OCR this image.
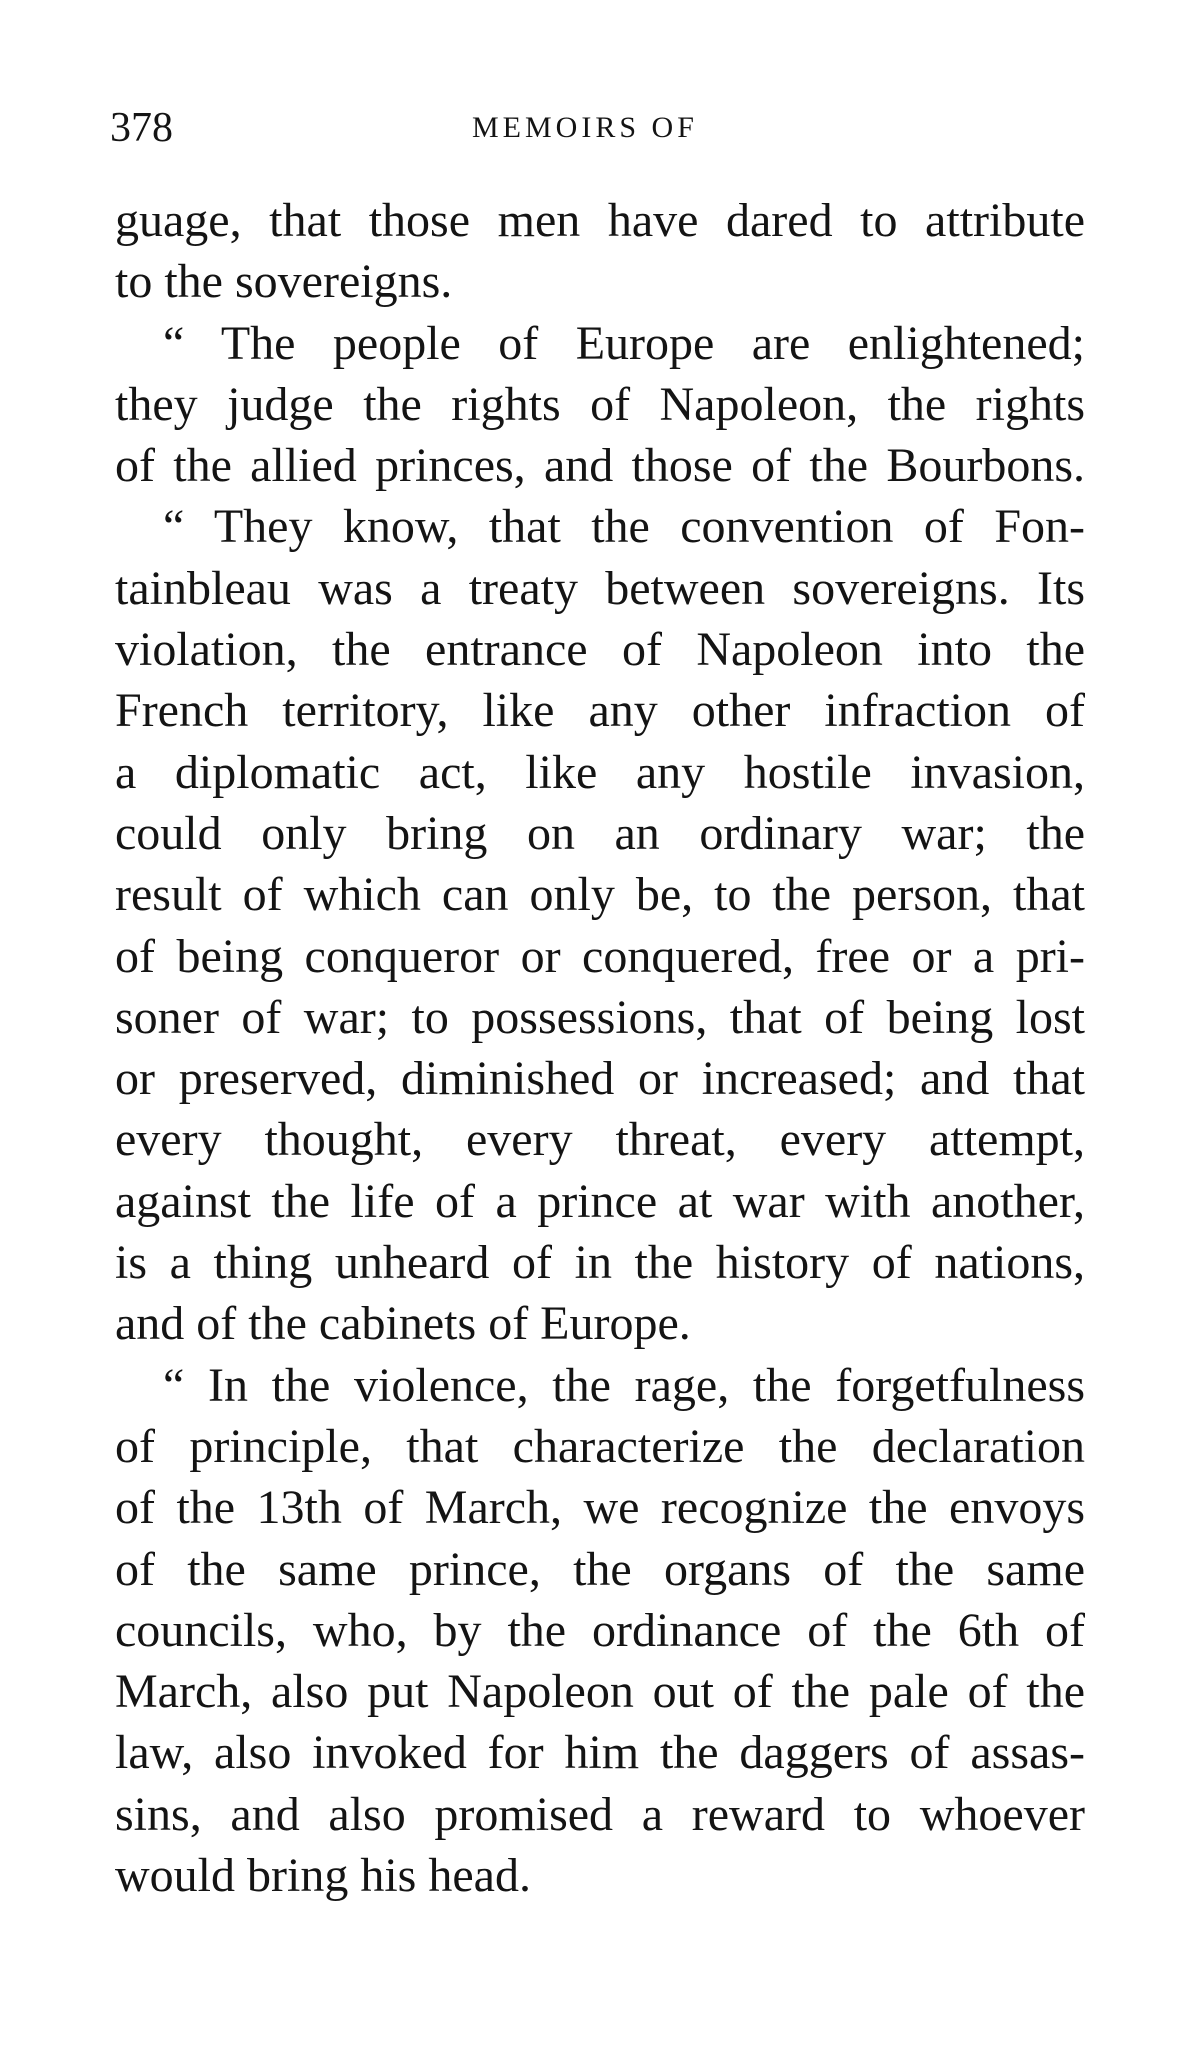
378	MEMOIRS OF
guage, that those men have dared to attribute
to the sovereigns.
“ The people of Europe are enlightened;
they judge the rights of Napoleon, the rights
of the allied princes, and those of the Bourbons.
“ They know, that the convention of Fon-
tainbleau was a treaty between sovereigns. Its
violation, the entrance of Napoleon into the
French territory, like any other infraction of
a diplomatic act, like any hostile invasion,
could only bring on an ordinary war; the
result of which can only be, to the person, that
of being conqueror or conquered, free or a pri-
soner of war; to possessions, that of being lost
or preserved, diminished or increased; and that
every thought, every threat, every attempt,
against the life of a prince at war with another,
is a thing unheard of in the history of nations,
and of the cabinets of Europe.
“ In the violence, the rage, the forgetfulness
of principle, that characterize the declaration
of the 13th of March, we recognize the envoys
of the same prince, the organs of the same
councils, who, by the ordinance of the 6th of
March, also put Napoleon out of the pale of the
law, also invoked for him the daggers of assas-
sins, and also promised a reward to whoever
would bring his head.
